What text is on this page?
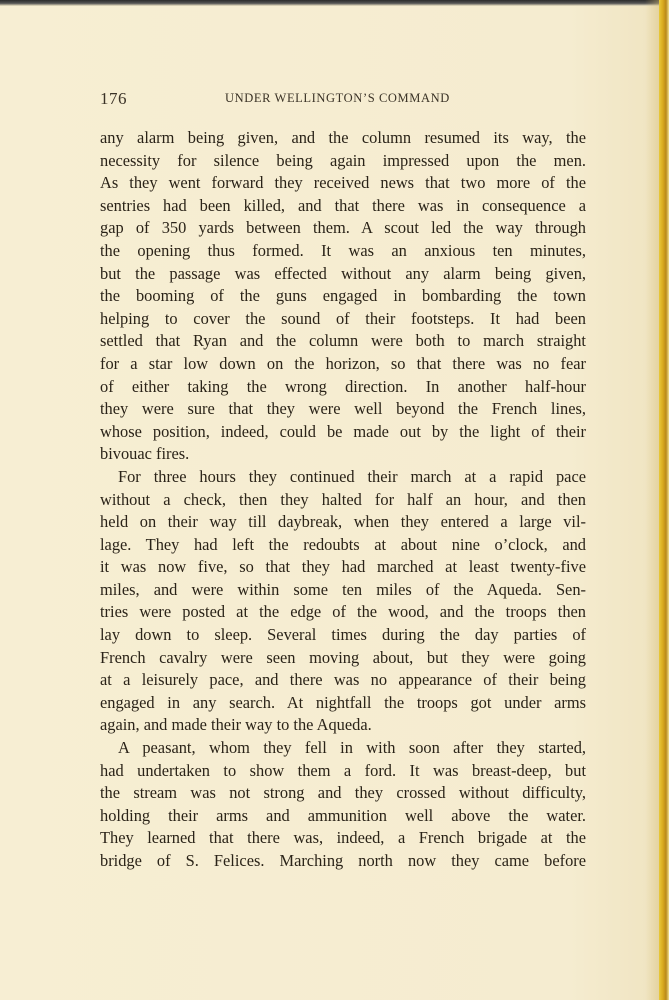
176	UNDER WELLINGTON’S COMMAND
any alarm being given, and the column resumed its way, the
necessity for silence being again impressed upon the men.
As they went forward they received news that two more of the
sentries had been killed, and that there was in consequence a
gap of 350 yards between them. A scout led the way through
the opening thus formed. It was an anxious ten minutes,
but the passage was effected without any alarm being given,
the booming of the guns engaged in bombarding the town
helping to cover the sound of their footsteps. It had been
settled that Ryan and the column were both to march straight
for a star low down on the horizon, so that there was no fear
of either taking the wrong direction. In another half-hour
they were sure that they were well beyond the French lines,
whose position, indeed, could be made out by the light of their
bivouac fires.
For three hours they continued their march at a rapid pace
without a check, then they halted for half an hour, and then
held on their way till daybreak, when they entered a large vil-
lage. They had left the redoubts at about nine o’clock, and
it was now five, so that they had marched at least twenty-five
miles, and were within some ten miles of the Aqueda. Sen-
tries were posted at the edge of the wood, and the troops then
lay down to sleep. Several times during the day parties of
French cavalry were seen moving about, but they were going
at a leisurely pace, and there was no appearance of their being
engaged in any search. At nightfall the troops got under arms
again, and made their way to the Aqueda.
A peasant, whom they fell in with soon after they started,
had undertaken to show them a ford. It was breast-deep, but
the stream was not strong and they crossed without difficulty,
holding their arms and ammunition well above the water.
They learned that there was, indeed, a French brigade at the
bridge of S. Felices. Marching north now they came before
